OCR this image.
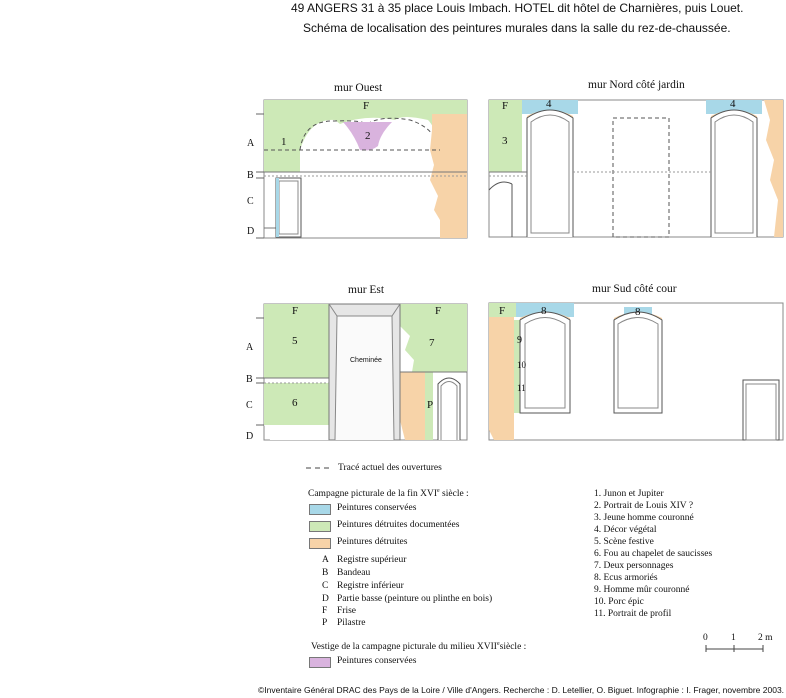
49 ANGERS 31 à 35 place Louis Imbach. HOTEL dit hôtel de Charnières, puis Louet.
Schéma de localisation des peintures murales dans la salle du rez-de-chaussée.
mur Ouest	mur Nord côté jardin
mur Est	mur Sud côté cour
A
B
C
D
A
B
C
D
F	F
F	F	F
P
Cheminée
1	2	3
4	4
5
6
7
8	8
9
10
11
Tracé actuel des ouvertures
Campagne picturale de la fin XVIe siècle :
Peintures conservées
Peintures détruites documentées
Peintures détruites
A Registre supérieur
B Bandeau
C Registre inférieur
D Partie basse (peinture ou plinthe en bois)
F Frise
P Pilastre
Vestige de la campagne picturale du milieu XVIIesiècle :
Peintures conservées
1. Junon et Jupiter
2. Portrait de Louis XIV ?
3. Jeune homme couronné
4. Décor végétal
5. Scène festive
6. Fou au chapelet de saucisses
7. Deux personnages
8. Ecus armoriés
9. Homme mûr couronné
10. Porc épic
11. Portrait de profil
0 1 2 m
©Inventaire Général DRAC des Pays de la Loire / Ville d'Angers. Recherche : D. Letellier, O. Biguet. Infographie : I. Frager, novembre 2003.
